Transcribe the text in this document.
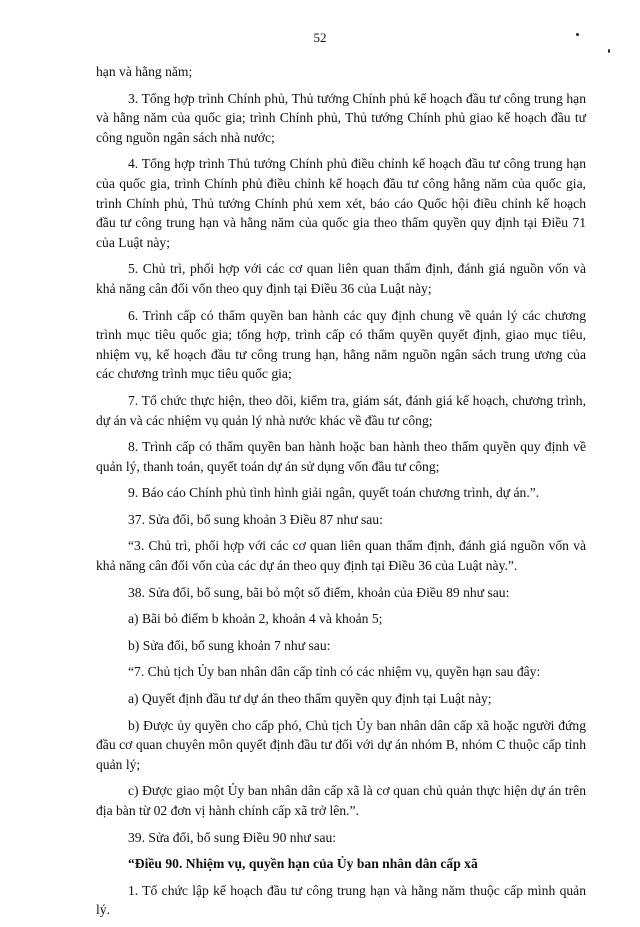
52

hạn và hằng năm;

3. Tổng hợp trình Chính phủ, Thủ tướng Chính phủ kế hoạch đầu tư công trung hạn và hằng năm của quốc gia; trình Chính phủ, Thủ tướng Chính phủ giao kế hoạch đầu tư công nguồn ngân sách nhà nước;

4. Tổng hợp trình Thủ tướng Chính phủ điều chỉnh kế hoạch đầu tư công trung hạn của quốc gia, trình Chính phủ điều chỉnh kế hoạch đầu tư công hằng năm của quốc gia, trình Chính phủ, Thủ tướng Chính phủ xem xét, báo cáo Quốc hội điều chỉnh kế hoạch đầu tư công trung hạn và hằng năm của quốc gia theo thẩm quyền quy định tại Điều 71 của Luật này;

5. Chủ trì, phối hợp với các cơ quan liên quan thẩm định, đánh giá nguồn vốn và khả năng cân đối vốn theo quy định tại Điều 36 của Luật này;

6. Trình cấp có thẩm quyền ban hành các quy định chung về quản lý các chương trình mục tiêu quốc gia; tổng hợp, trình cấp có thẩm quyền quyết định, giao mục tiêu, nhiệm vụ, kế hoạch đầu tư công trung hạn, hằng năm nguồn ngân sách trung ương của các chương trình mục tiêu quốc gia;

7. Tổ chức thực hiện, theo dõi, kiểm tra, giám sát, đánh giá kế hoạch, chương trình, dự án và các nhiệm vụ quản lý nhà nước khác về đầu tư công;

8. Trình cấp có thẩm quyền ban hành hoặc ban hành theo thẩm quyền quy định về quản lý, thanh toán, quyết toán dự án sử dụng vốn đầu tư công;

9. Báo cáo Chính phủ tình hình giải ngân, quyết toán chương trình, dự án.”.

37. Sửa đổi, bổ sung khoản 3 Điều 87 như sau:

“3. Chủ trì, phối hợp với các cơ quan liên quan thẩm định, đánh giá nguồn vốn và khả năng cân đối vốn của các dự án theo quy định tại Điều 36 của Luật này.”.

38. Sửa đổi, bổ sung, bãi bỏ một số điểm, khoản của Điều 89 như sau:

a) Bãi bỏ điểm b khoản 2, khoản 4 và khoản 5;

b) Sửa đổi, bổ sung khoản 7 như sau:

“7. Chủ tịch Ủy ban nhân dân cấp tỉnh có các nhiệm vụ, quyền hạn sau đây:

a) Quyết định đầu tư dự án theo thẩm quyền quy định tại Luật này;

b) Được ủy quyền cho cấp phó, Chủ tịch Ủy ban nhân dân cấp xã hoặc người đứng đầu cơ quan chuyên môn quyết định đầu tư đối với dự án nhóm B, nhóm C thuộc cấp tỉnh quản lý;

c) Được giao một Ủy ban nhân dân cấp xã là cơ quan chủ quản thực hiện dự án trên địa bàn từ 02 đơn vị hành chính cấp xã trở lên.”.

39. Sửa đổi, bổ sung Điều 90 như sau:

“Điều 90. Nhiệm vụ, quyền hạn của Ủy ban nhân dân cấp xã

1. Tổ chức lập kế hoạch đầu tư công trung hạn và hằng năm thuộc cấp mình quản lý.
